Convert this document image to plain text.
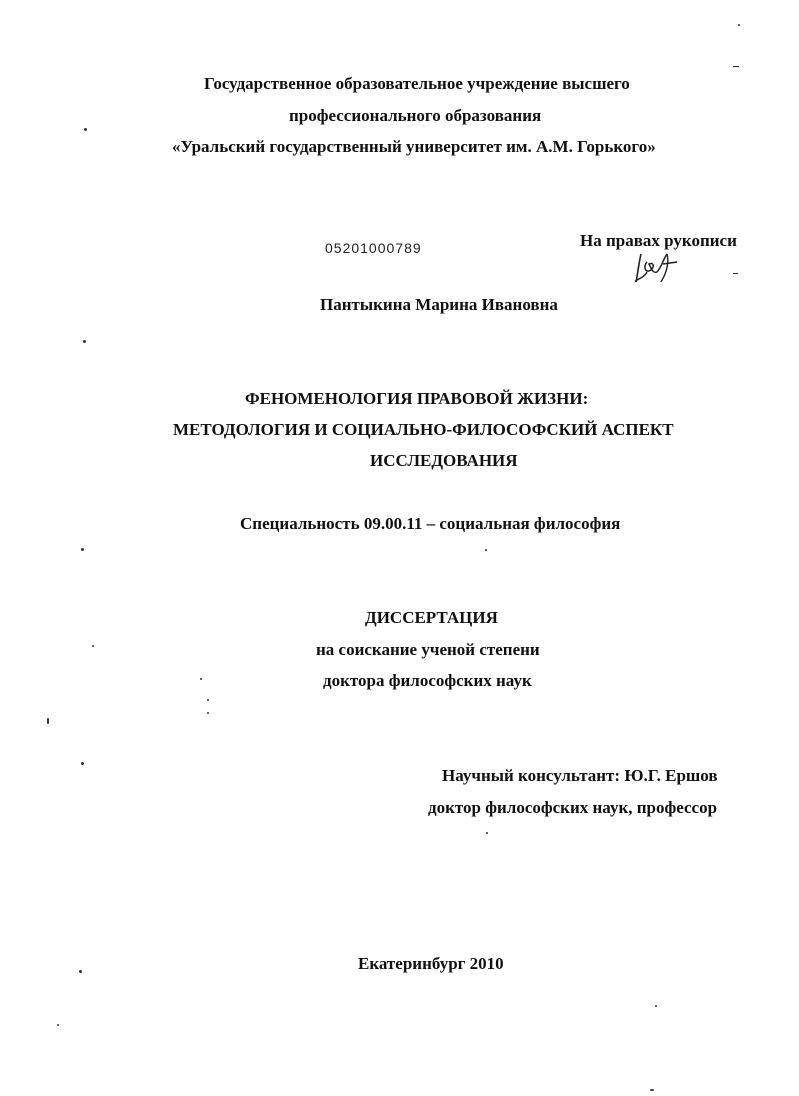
Государственное образовательное учреждение высшего
профессионального образования
«Уральский государственный университет им. А.М. Горького»
05201000789	На правах рукописи
Пантыкина Марина Ивановна
ФЕНОМЕНОЛОГИЯ ПРАВОВОЙ ЖИЗНИ:
МЕТОДОЛОГИЯ И СОЦИАЛЬНО-ФИЛОСОФСКИЙ АСПЕКТ
ИССЛЕДОВАНИЯ
Специальность 09.00.11 – социальная философия
ДИССЕРТАЦИЯ
на соискание ученой степени
доктора философских наук
Научный консультант: Ю.Г. Ершов
доктор философских наук, профессор
Екатеринбург 2010
